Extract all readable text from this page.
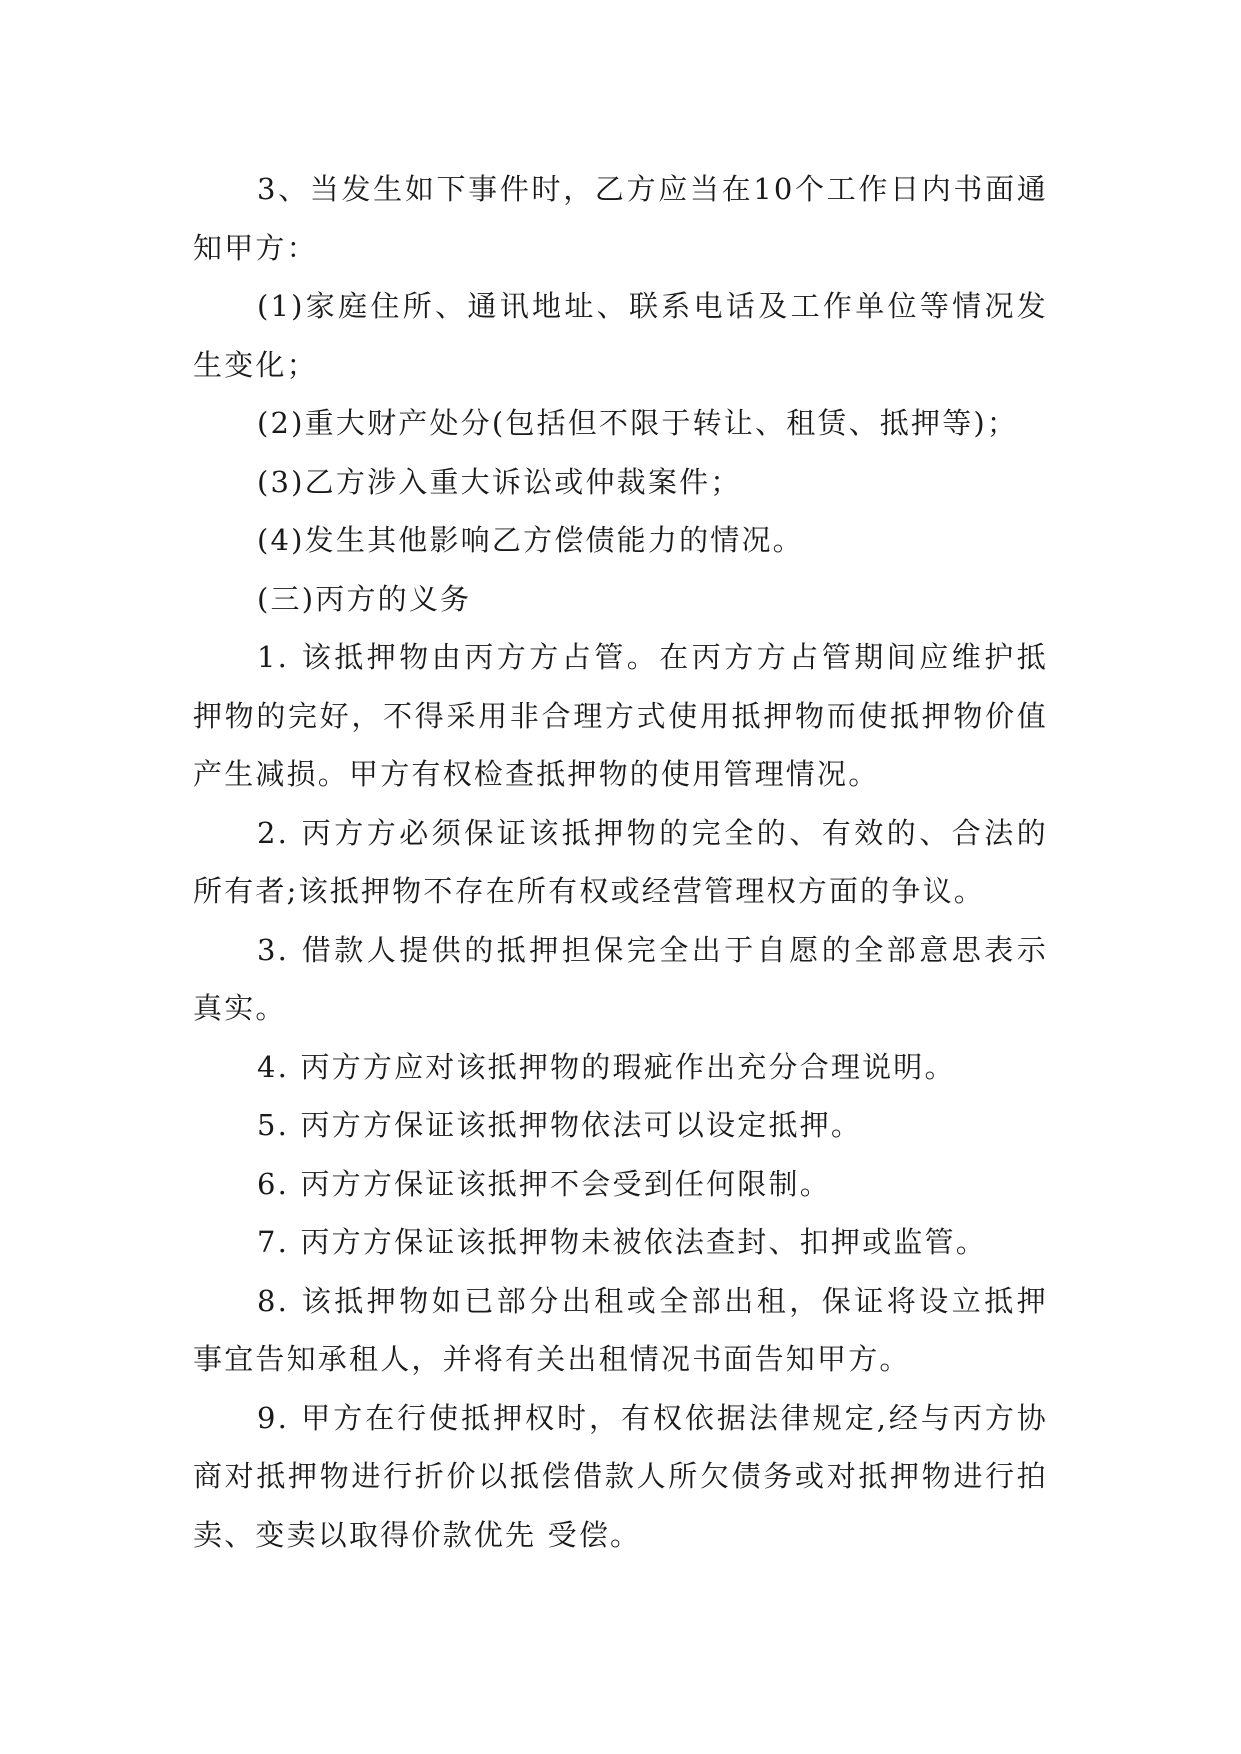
3、当发生如下事件时，乙方应当在10个工作日内书面通知甲方：

(1)家庭住所、通讯地址、联系电话及工作单位等情况发生变化；

(2)重大财产处分(包括但不限于转让、租赁、抵押等)；

(3)乙方涉入重大诉讼或仲裁案件；

(4)发生其他影响乙方偿债能力的情况。

(三)丙方的义务

1. 该抵押物由丙方方占管。在丙方方占管期间应维护抵押物的完好，不得采用非合理方式使用抵押物而使抵押物价值产生减损。甲方有权检查抵押物的使用管理情况。

2. 丙方方必须保证该抵押物的完全的、有效的、合法的所有者;该抵押物不存在所有权或经营管理权方面的争议。

3. 借款人提供的抵押担保完全出于自愿的全部意思表示真实。

4. 丙方方应对该抵押物的瑕疵作出充分合理说明。

5. 丙方方保证该抵押物依法可以设定抵押。

6. 丙方方保证该抵押不会受到任何限制。

7. 丙方方保证该抵押物未被依法查封、扣押或监管。

8. 该抵押物如已部分出租或全部出租，保证将设立抵押事宜告知承租人，并将有关出租情况书面告知甲方。

9. 甲方在行使抵押权时，有权依据法律规定,经与丙方协商对抵押物进行折价以抵偿借款人所欠债务或对抵押物进行拍卖、变卖以取得价款优先 受偿。
